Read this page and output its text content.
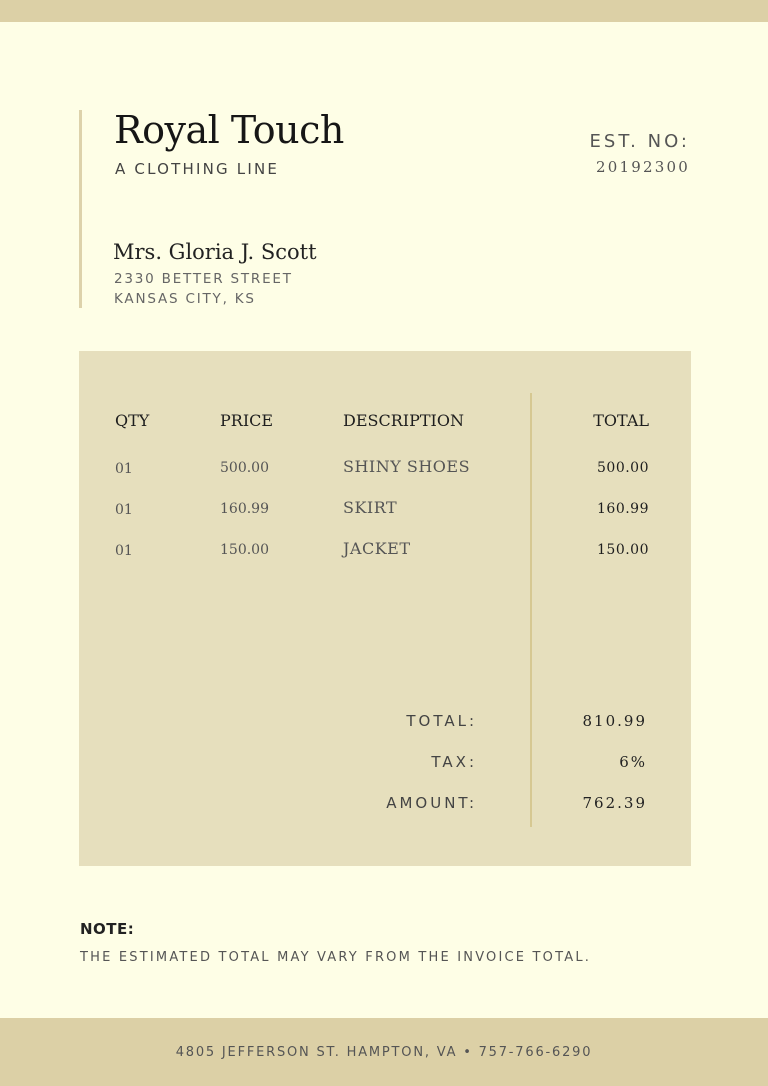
Royal Touch
A CLOTHING LINE
EST. NO:
20192300
Mrs. Gloria J. Scott
2330 BETTER STREET
KANSAS CITY, KS
QTY	PRICE	DESCRIPTION	TOTAL
01	500.00	SHINY SHOES	500.00
01	160.99	SKIRT	160.99
01	150.00	JACKET	150.00
TOTAL:	810.99
TAX:	6%
AMOUNT:	762.39
NOTE:
THE ESTIMATED TOTAL MAY VARY FROM THE INVOICE TOTAL.
4805 JEFFERSON ST. HAMPTON, VA • 757-766-6290
